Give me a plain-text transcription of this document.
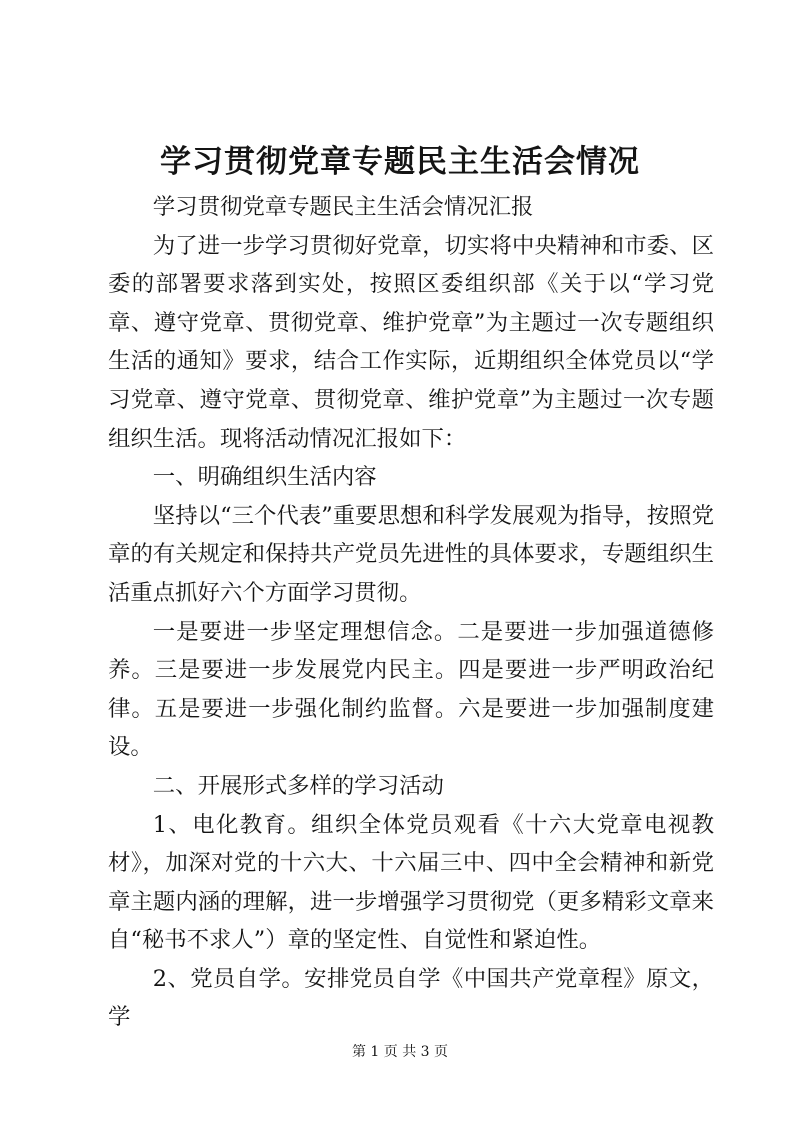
学习贯彻党章专题民主生活会情况

学习贯彻党章专题民主生活会情况汇报

为了进一步学习贯彻好党章，切实将中央精神和市委、区委的部署要求落到实处，按照区委组织部《关于以“学习党章、遵守党章、贯彻党章、维护党章”为主题过一次专题组织生活的通知》要求，结合工作实际，近期组织全体党员以“学习党章、遵守党章、贯彻党章、维护党章”为主题过一次专题组织生活。现将活动情况汇报如下：

一、明确组织生活内容

坚持以“三个代表”重要思想和科学发展观为指导，按照党章的有关规定和保持共产党员先进性的具体要求，专题组织生活重点抓好六个方面学习贯彻。

一是要进一步坚定理想信念。二是要进一步加强道德修养。三是要进一步发展党内民主。四是要进一步严明政治纪律。五是要进一步强化制约监督。六是要进一步加强制度建设。

二、开展形式多样的学习活动

1、电化教育。组织全体党员观看《十六大党章电视教材》，加深对党的十六大、十六届三中、四中全会精神和新党章主题内涵的理解，进一步增强学习贯彻党（更多精彩文章来自“秘书不求人”）章的坚定性、自觉性和紧迫性。

2、党员自学。安排党员自学《中国共产党章程》原文，学

第 1 页 共 3 页
